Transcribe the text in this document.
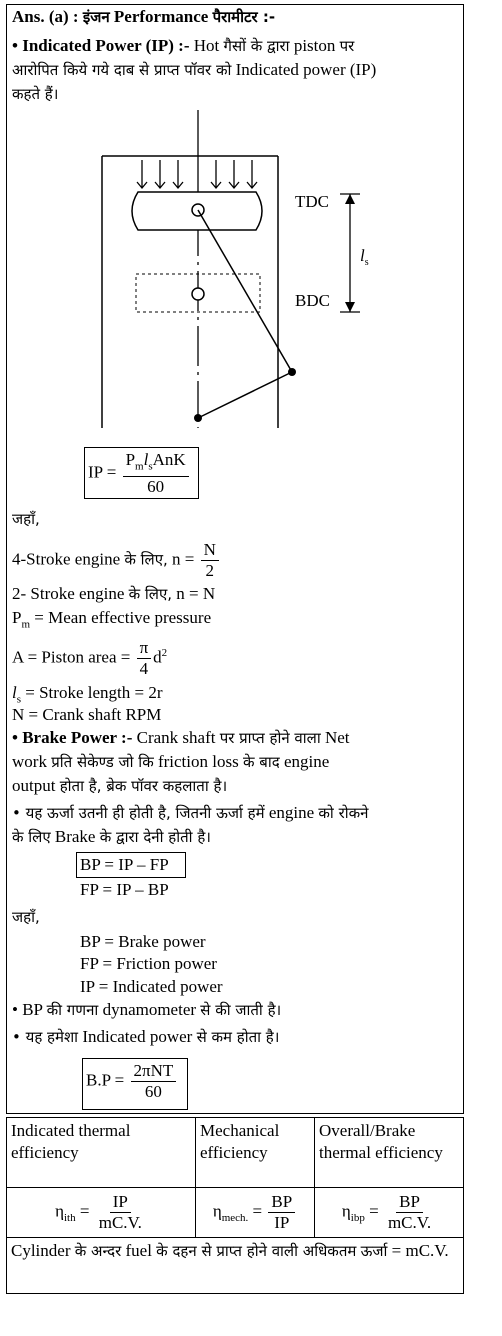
Ans. (a) : इंजन Performance पैरामीटर :-
• Indicated Power (IP) :- Hot गैसों के द्वारा piston पर
आरोपित किये गये दाब से प्राप्त पॉवर को Indicated power (IP)
कहते हैं।
TDC
BDC
$l_s$
IP = $\frac{P_ml_sAnK}{60}$
जहाँ,
4-Stroke engine के लिए, $n = \frac{N}{2}$
2- Stroke engine के लिए, n = N
$P_m$ = Mean effective pressure
A = Piston area = $\frac{\pi}{4} d^2$
$l_s$ = Stroke length = 2r
N = Crank shaft RPM
• Brake Power :- Crank shaft पर प्राप्त होने वाला Net
work प्रति सेकेण्ड जो कि friction loss के बाद engine
output होता है, ब्रेक पॉवर कहलाता है।
• यह ऊर्जा उतनी ही होती है, जितनी ऊर्जा हमें engine को रोकने
के लिए Brake के द्वारा देनी होती है।
BP = IP – FP
FP = IP – BP
जहाँ,
BP = Brake power
FP = Friction power
IP = Indicated power
• BP की गणना dynamometer से की जाती है।
• यह हमेशा Indicated power से कम होता है।
$B.P = \frac{\text{2πNT}}{60}$
Indicated thermal efficiency	Mechanical efficiency	Overall/Brake thermal efficiency
$\eta_{ith} = \frac{IP}{mC.V.}$	$\eta_{mech.} = \frac{BP}{IP}$	$\eta_{ibp} = \frac{BP}{mC.V.}$
Cylinder के अन्दर fuel के दहन से प्राप्त होने वाली अधिकतम ऊर्जा = mC.V.
